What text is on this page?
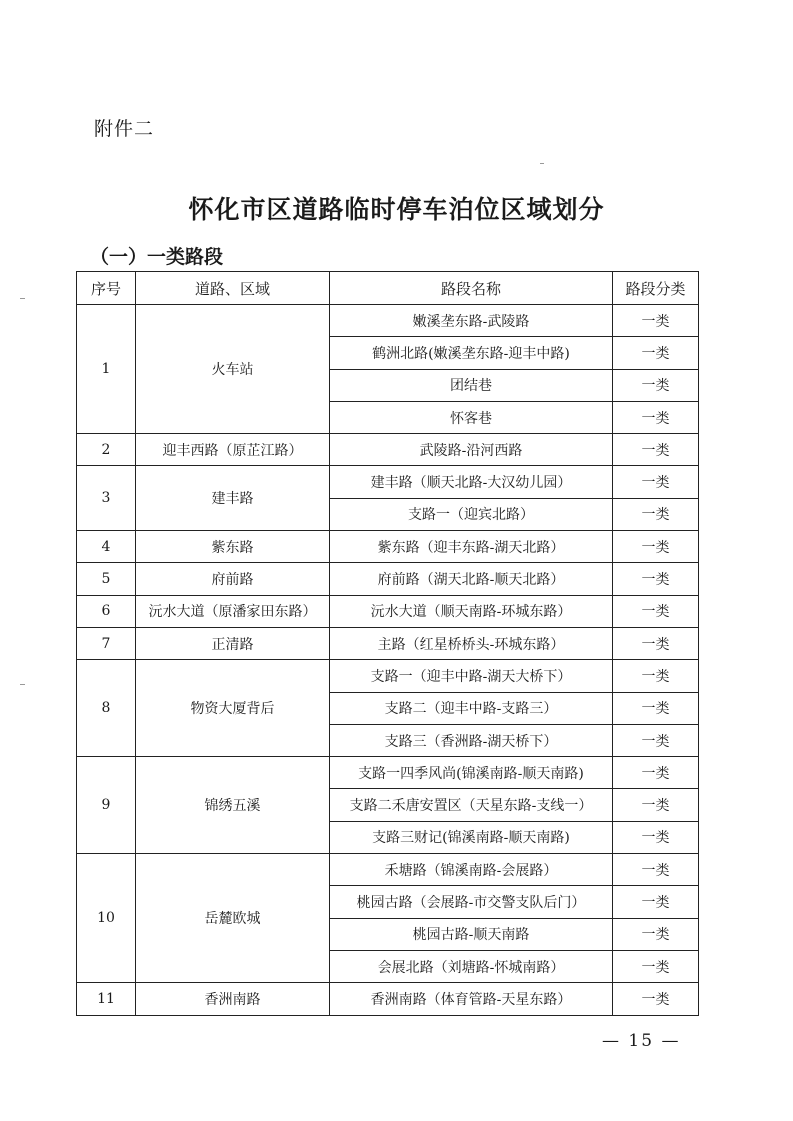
附件二
怀化市区道路临时停车泊位区域划分
（一）一类路段
序号	道路、区域	路段名称	路段分类
1	火车站	嫩溪垄东路-武陵路	一类
		鹤洲北路(嫩溪垄东路-迎丰中路)	一类
		团结巷	一类
		怀客巷	一类
2	迎丰西路（原芷江路）	武陵路-沿河西路	一类
3	建丰路	建丰路（顺天北路-大汉幼儿园）	一类
		支路一（迎宾北路）	一类
4	紫东路	紫东路（迎丰东路-湖天北路）	一类
5	府前路	府前路（湖天北路-顺天北路）	一类
6	沅水大道（原潘家田东路）	沅水大道（顺天南路-环城东路）	一类
7	正清路	主路（红星桥桥头-环城东路）	一类
8	物资大厦背后	支路一（迎丰中路-湖天大桥下）	一类
		支路二（迎丰中路-支路三）	一类
		支路三（香洲路-湖天桥下）	一类
9	锦绣五溪	支路一四季风尚(锦溪南路-顺天南路)	一类
		支路二禾唐安置区（天星东路-支线一）	一类
		支路三财记(锦溪南路-顺天南路)	一类
10	岳麓欧城	禾塘路（锦溪南路-会展路）	一类
		桃园古路（会展路-市交警支队后门）	一类
		桃园古路-顺天南路	一类
		会展北路（刘塘路-怀城南路）	一类
11	香洲南路	香洲南路（体育管路-天星东路）	一类
— 15 —
